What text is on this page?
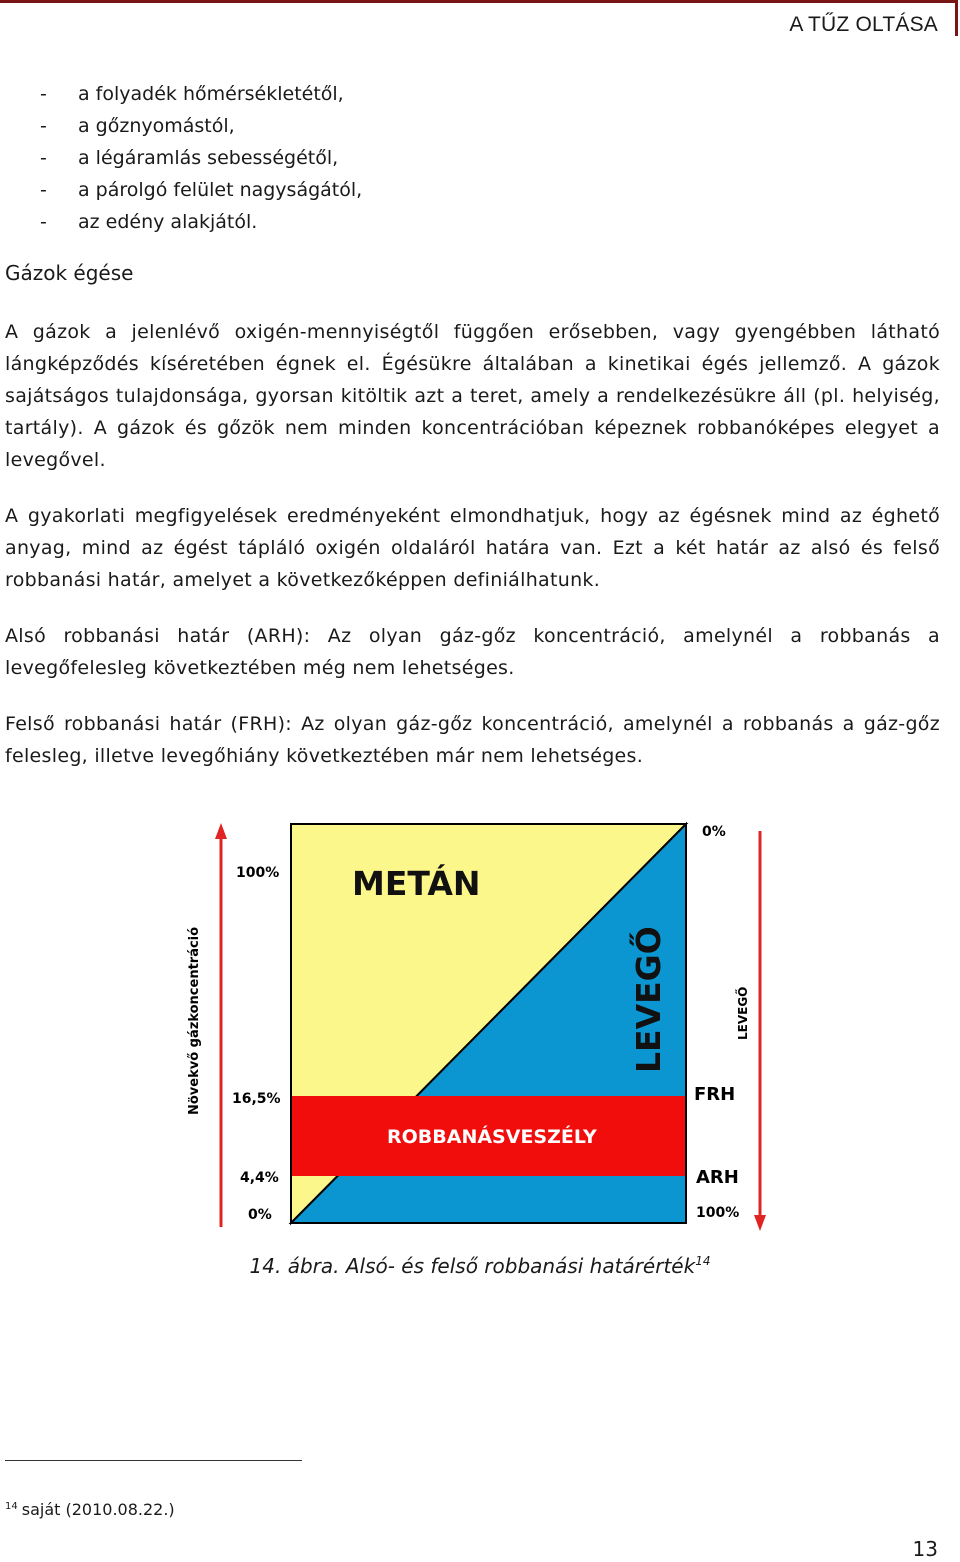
A TŰZ OLTÁSA
-	a folyadék hőmérsékletétől,
-	a gőznyomástól,
-	a légáramlás sebességétől,
-	a párolgó felület nagyságától,
-	az edény alakjától.
Gázok égése

A gázok a jelenlévő oxigén-mennyiségtől függően erősebben, vagy gyengébben látható lángképződés kíséretében égnek el. Égésükre általában a kinetikai égés jellemző. A gázok sajátságos tulajdonsága, gyorsan kitöltik azt a teret, amely a rendelkezésükre áll (pl. helyiség, tartály). A gázok és gőzök nem minden koncentrációban képeznek robbanóképes elegyet a levegővel.

A gyakorlati megfigyelések eredményeként elmondhatjuk, hogy az égésnek mind az éghető anyag, mind az égést tápláló oxigén oldaláról határa van. Ezt a két határ az alsó és felső robbanási határ, amelyet a következőképpen definiálhatunk.

Alsó robbanási határ (ARH): Az olyan gáz-gőz koncentráció, amelynél a robbanás a levegőfelesleg következtében még nem lehetséges.

Felső robbanási határ (FRH): Az olyan gáz-gőz koncentráció, amelynél a robbanás a gáz-gőz felesleg, illetve levegőhiány következtében már nem lehetséges.

Növekvő gázkoncentráció	LEVEGŐ
100%
16,5%
4,4%
0%
0%
FRH
ARH
100%
METÁN
LEVEGŐ
ROBBANÁSVESZÉLY
14. ábra. Alsó- és felső robbanási határérték$^{14}$
$^{14}$ saját (2010.08.22.)
13
